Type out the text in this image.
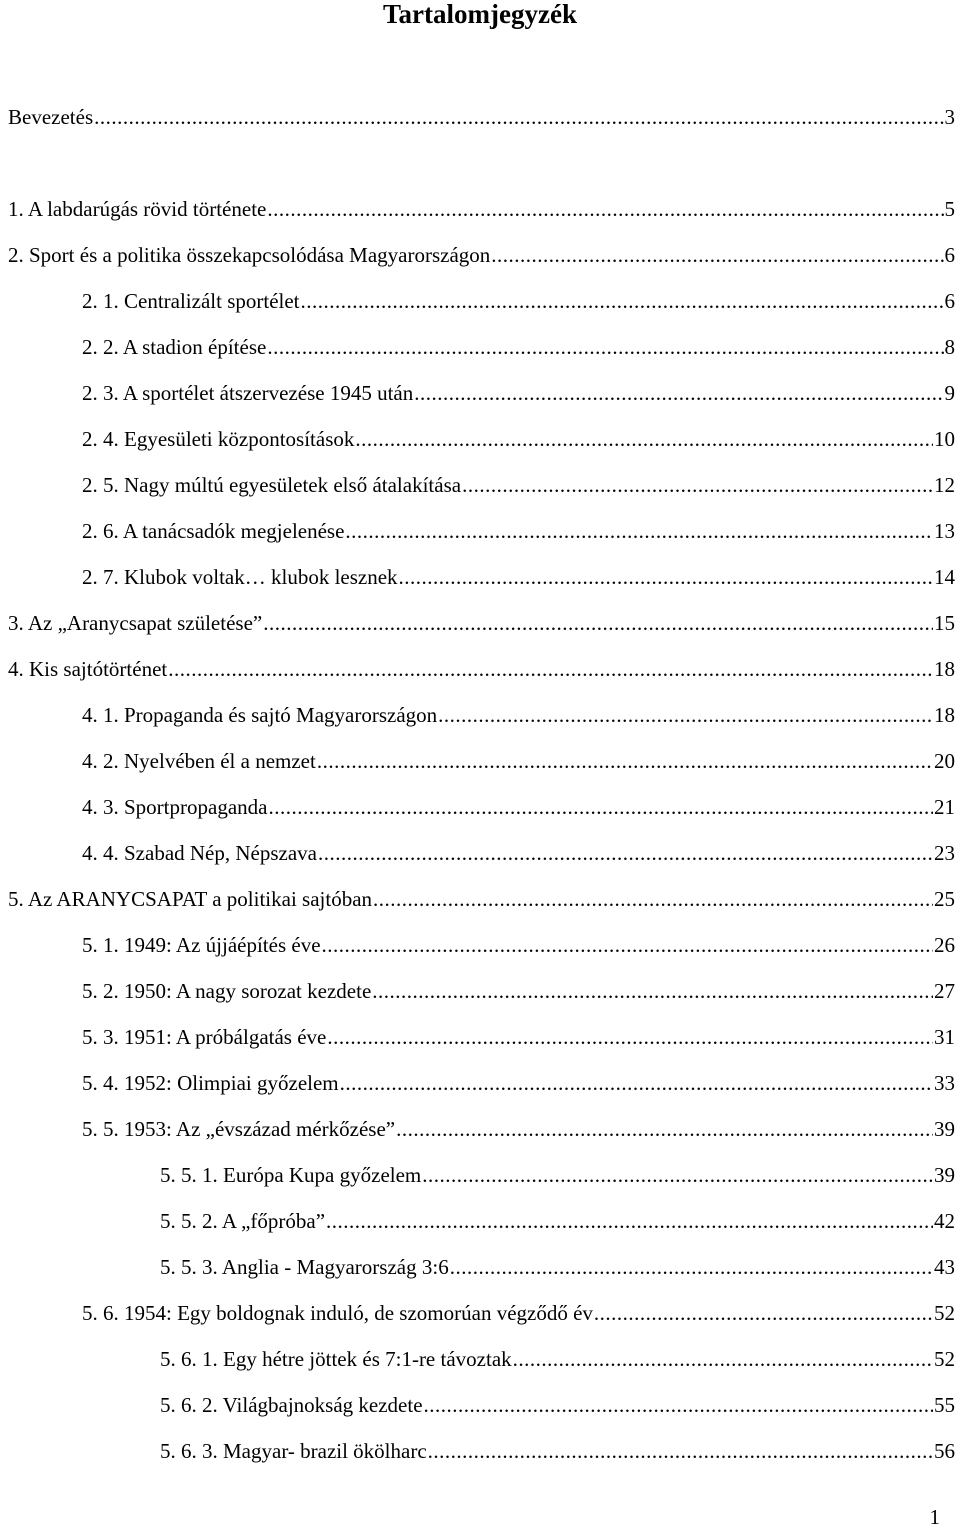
Tartalomjegyzék
Bevezetés .....	3
1. A labdarúgás rövid története .....	5
2. Sport és a politika összekapcsolódása Magyarországon .....	6
2. 1. Centralizált sportélet .....	6
2. 2. A stadion építése .....	8
2. 3. A sportélet átszervezése 1945 után .....	9
2. 4. Egyesületi központosítások .....	10
2. 5. Nagy múltú egyesületek első átalakítása .....	12
2. 6. A tanácsadók megjelenése .....	13
2. 7. Klubok voltak… klubok lesznek .....	14
3. Az „Aranycsapat születése” .....	15
4. Kis sajtótörténet .....	18
4. 1. Propaganda és sajtó Magyarországon .....	18
4. 2. Nyelvében él a nemzet .....	20
4. 3. Sportpropaganda .....	21
4. 4. Szabad Nép, Népszava .....	23
5. Az ARANYCSAPAT a politikai sajtóban .....	25
5. 1. 1949: Az újjáépítés éve .....	26
5. 2. 1950: A nagy sorozat kezdete .....	27
5. 3. 1951: A próbálgatás éve .....	31
5. 4. 1952: Olimpiai győzelem .....	33
5. 5. 1953: Az „évszázad mérkőzése” .....	39
5. 5. 1. Európa Kupa győzelem .....	39
5. 5. 2. A „főpróba” .....	42
5. 5. 3. Anglia - Magyarország 3:6 .....	43
5. 6. 1954: Egy boldognak induló, de szomorúan végződő év .....	52
5. 6. 1. Egy hétre jöttek és 7:1-re távoztak .....	52
5. 6. 2. Világbajnokság kezdete .....	55
5. 6. 3. Magyar- brazil ökölharc .....	56
1
